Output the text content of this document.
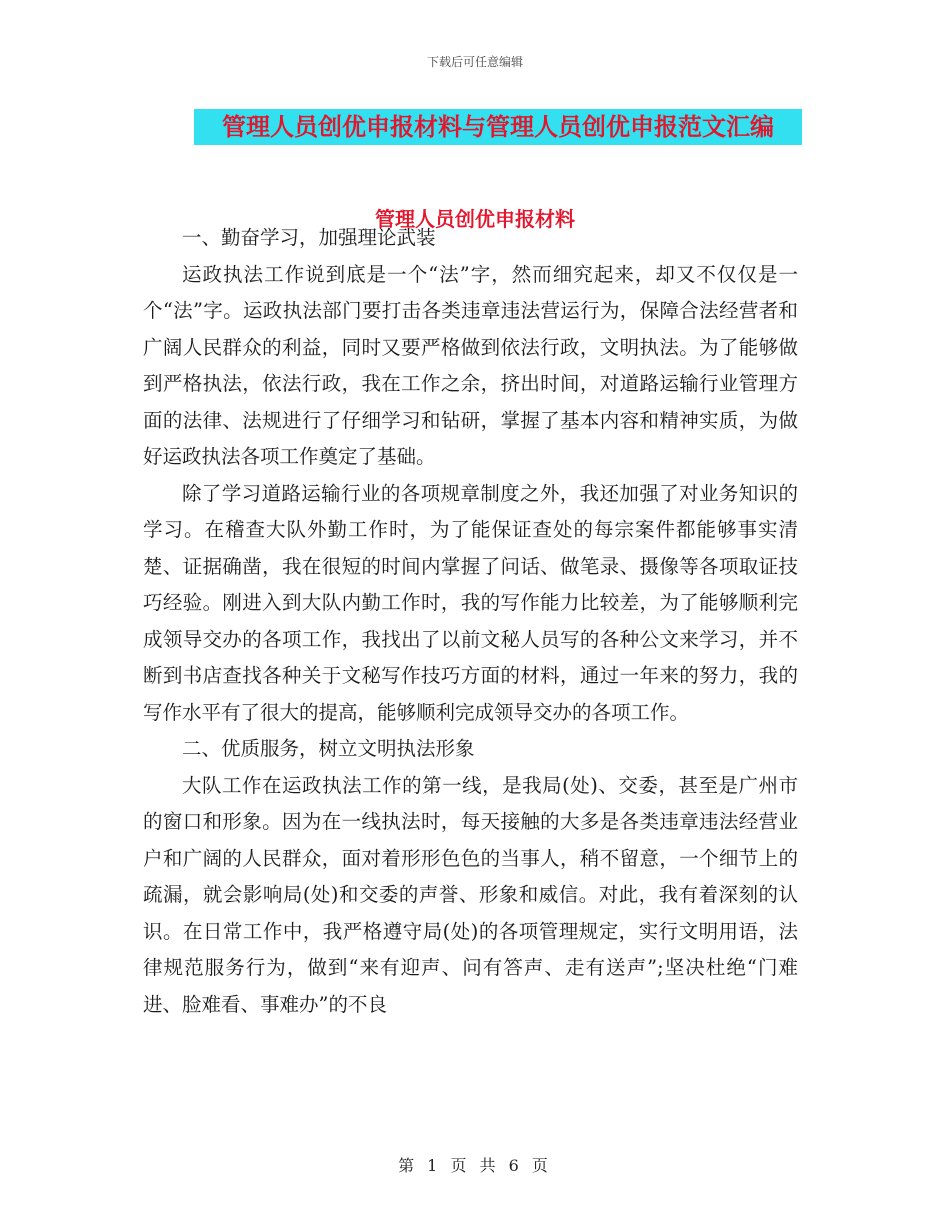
下载后可任意编辑
管理人员创优申报材料与管理人员创优申报范文汇编
管理人员创优申报材料

一、勤奋学习，加强理论武装

运政执法工作说到底是一个“法”字，然而细究起来，却又不仅仅是一个“法”字。运政执法部门要打击各类违章违法营运行为，保障合法经营者和广阔人民群众的利益，同时又要严格做到依法行政，文明执法。为了能够做到严格执法，依法行政，我在工作之余，挤出时间，对道路运输行业管理方面的法律、法规进行了仔细学习和钻研，掌握了基本内容和精神实质，为做好运政执法各项工作奠定了基础。

除了学习道路运输行业的各项规章制度之外，我还加强了对业务知识的学习。在稽查大队外勤工作时，为了能保证查处的每宗案件都能够事实清楚、证据确凿，我在很短的时间内掌握了问话、做笔录、摄像等各项取证技巧经验。刚进入到大队内勤工作时，我的写作能力比较差，为了能够顺利完成领导交办的各项工作，我找出了以前文秘人员写的各种公文来学习，并不断到书店查找各种关于文秘写作技巧方面的材料，通过一年来的努力，我的写作水平有了很大的提高，能够顺利完成领导交办的各项工作。

二、优质服务，树立文明执法形象

大队工作在运政执法工作的第一线，是我局(处)、交委，甚至是广州市的窗口和形象。因为在一线执法时，每天接触的大多是各类违章违法经营业户和广阔的人民群众，面对着形形色色的当事人，稍不留意，一个细节上的疏漏，就会影响局(处)和交委的声誉、形象和威信。对此，我有着深刻的认识。在日常工作中，我严格遵守局(处)的各项管理规定，实行文明用语，法律规范服务行为，做到“来有迎声、问有答声、走有送声”;坚决杜绝“门难进、脸难看、事难办”的不良

第 1 页 共 6 页
